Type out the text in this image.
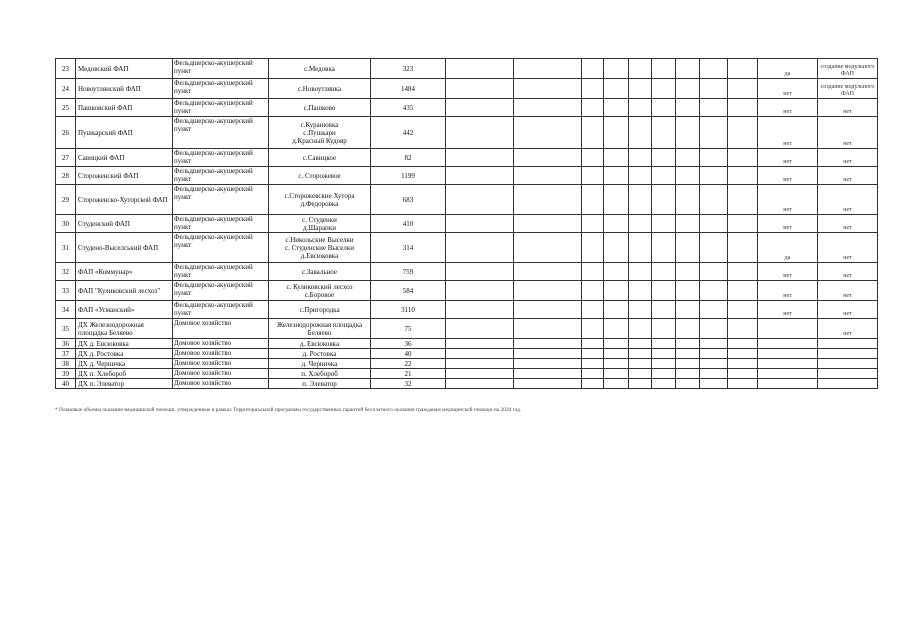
23	Медовский ФАП	Фельдшерско-акушерский пункт	с.Медовка	323										да	создание модульного ФАП
24	Новоутлянский ФАП	Фельдшерско-акушерский пункт	с.Новоутлянка	1484										нет	создание модульного ФАП
25	Пашковский ФАП	Фельдшерско-акушерский пункт	с.Пашково	435										нет	нет
26	Пушкарский ФАП	Фельдшерско-акушерский пункт	с.Куранювка
с.Пушкари
д.Красный Кудояр	442										нет	нет
27	Савицкий ФАП	Фельдшерско-акушерский пункт	с.Савицкое	82										нет	нет
28	Стороженский ФАП	Фельдшерско-акушерский пункт	с. Сторожевое	1199										нет	нет
29	Стороженско-Хуторской ФАП	Фельдшерско-акушерский пункт	с.Сторожевские Хутора
д.Федоровка	683										нет	нет
30	Студенский ФАП	Фельдшерско-акушерский пункт	с. Студенки
д.Шарапки	410										нет	нет
31	Студено-Выселський ФАП	Фельдшерско-акушерский пункт	с.Никольские Выселки
с. Студенские Выселки
д.Евсюковка	314										да	нет
32	ФАП «Коммунар»	Фельдшерско-акушерский пункт	с.Завальное	759										нет	нет
33	ФАП "Куликовский лесхоз"	Фельдшерско-акушерский пункт	с. Куликовский лесхоз
с.Боровое	584										нет	нет
34	ФАП «Усманский»	Фельдшерско-акушерский пункт	с.Пригородка	3110										нет	нет
35	ДХ Железнодорожная площадка Беляево	Домовое хозяйство	Железнодорожная площадка
Беляево	75											нет
36	ДХ д. Евсюковка	Домовое хозяйство	д. Евсюковка	36											
37	ДХ д. Ростовка	Домовое хозяйство	д. Ростовка	40											
38	ДХ д. Черничка	Домовое хозяйство	д. Черничка	22											
39	ДХ п. Хлебороб	Домовое хозяйство	п. Хлебороб	21											
40	ДХ п. Элеватор	Домовое хозяйство	п. Элеватор	32											
* Плановые объемы оказания медицинской помощи, утвержденные в рамках Территориальной программы государственных гарантий бесплатного оказания гражданам медицинской помощи на 2020 год.
